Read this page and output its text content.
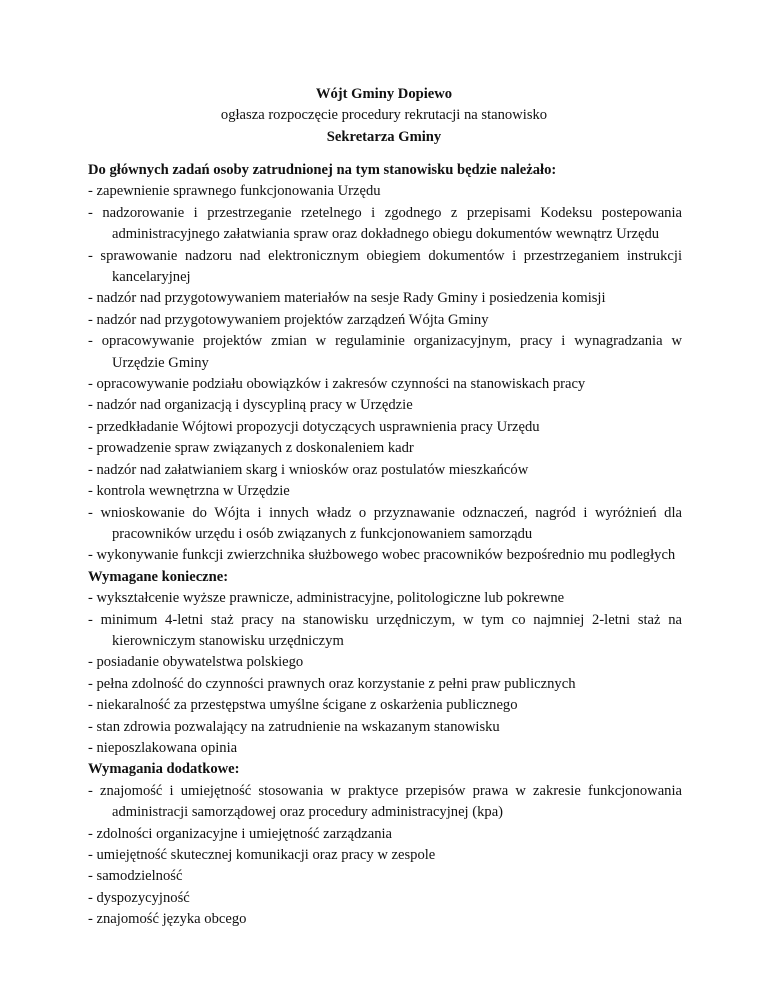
Wójt Gminy Dopiewo
ogłasza rozpoczęcie procedury rekrutacji na stanowisko
Sekretarza Gminy
Do głównych zadań osoby zatrudnionej na tym stanowisku będzie należało:
- zapewnienie sprawnego funkcjonowania Urzędu
- nadzorowanie i przestrzeganie rzetelnego i zgodnego z przepisami Kodeksu postepowania administracyjnego załatwiania spraw oraz dokładnego obiegu dokumentów wewnątrz Urzędu
- sprawowanie nadzoru nad elektronicznym obiegiem dokumentów i przestrzeganiem instrukcji kancelaryjnej
- nadzór nad przygotowywaniem materiałów na sesje Rady Gminy i posiedzenia komisji
- nadzór nad przygotowywaniem projektów zarządzeń Wójta Gminy
- opracowywanie projektów zmian w regulaminie organizacyjnym, pracy i wynagradzania w Urzędzie Gminy
- opracowywanie podziału obowiązków i zakresów czynności na stanowiskach pracy
- nadzór nad organizacją i dyscypliną pracy w Urzędzie
- przedkładanie Wójtowi propozycji dotyczących usprawnienia pracy Urzędu
- prowadzenie spraw związanych z doskonaleniem kadr
- nadzór nad załatwianiem skarg i wniosków oraz postulatów mieszkańców
- kontrola wewnętrzna w Urzędzie
- wnioskowanie do Wójta i innych władz o przyznawanie odznaczeń, nagród i wyróżnień dla pracowników urzędu i osób związanych z funkcjonowaniem samorządu
- wykonywanie funkcji zwierzchnika służbowego wobec pracowników bezpośrednio mu podległych
Wymagane konieczne:
- wykształcenie wyższe prawnicze, administracyjne, politologiczne lub pokrewne
- minimum 4-letni staż pracy na stanowisku urzędniczym, w tym co najmniej 2-letni staż na kierowniczym stanowisku urzędniczym
- posiadanie obywatelstwa polskiego
- pełna zdolność do czynności prawnych oraz korzystanie z pełni praw publicznych
- niekaralność za przestępstwa umyślne ścigane z oskarżenia publicznego
- stan zdrowia pozwalający na zatrudnienie na wskazanym stanowisku
- nieposzlakowana opinia
Wymagania dodatkowe:
- znajomość i umiejętność stosowania w praktyce przepisów prawa w zakresie funkcjonowania administracji samorządowej oraz procedury administracyjnej (kpa)
- zdolności organizacyjne i umiejętność zarządzania
- umiejętność skutecznej komunikacji oraz pracy w zespole
- samodzielność
- dyspozycyjność
- znajomość języka obcego
